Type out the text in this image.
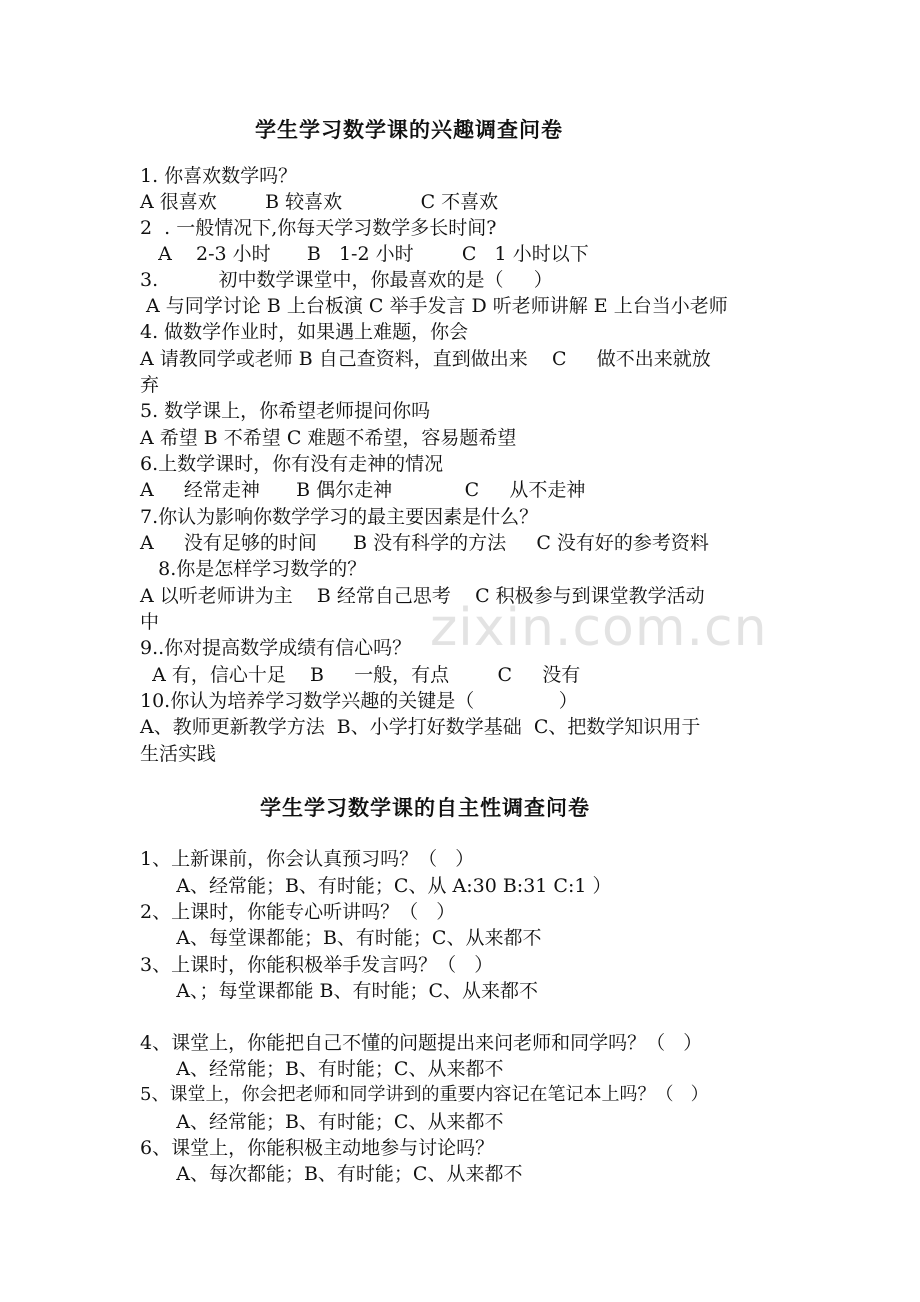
学生学习数学课的兴趣调查问卷
1. 你喜欢数学吗？
A 很喜欢        B 较喜欢             C 不喜欢
2  . 一般情况下,你每天学习数学多长时间?
A    2-3 小时      B   1-2 小时        C   1 小时以下
3.          初中数学课堂中，你最喜欢的是（     ）
A 与同学讨论 B 上台板演 C 举手发言 D 听老师讲解 E 上台当小老师
4. 做数学作业时，如果遇上难题，你会
A 请教同学或老师 B 自己查资料，直到做出来    C     做不出来就放
弃
5. 数学课上，你希望老师提问你吗
A 希望 B 不希望 C 难题不希望，容易题希望
6.上数学课时，你有没有走神的情况
A     经常走神      B 偶尔走神            C     从不走神
7.你认为影响你数学学习的最主要因素是什么？
A     没有足够的时间      B 没有科学的方法     C 没有好的参考资料
8.你是怎样学习数学的？
A 以听老师讲为主    B 经常自己思考    C 积极参与到课堂教学活动
中
9..你对提高数学成绩有信心吗？
A 有，信心十足    B     一般，有点        C     没有
10.你认为培养学习数学兴趣的关键是（              ）
A、教师更新教学方法  B、小学打好数学基础  C、把数学知识用于
生活实践
学生学习数学课的自主性调查问卷
1、上新课前，你会认真预习吗？（   ）
A、经常能；B、有时能；C、从 A:30 B:31 C:1 ）
2、上课时，你能专心听讲吗？（   ）
A、每堂课都能；B、有时能；C、从来都不
3、上课时，你能积极举手发言吗？（   ）
A、；每堂课都能 B、有时能；C、从来都不
4、课堂上，你能把自己不懂的问题提出来问老师和同学吗？（   ）
A、经常能；B、有时能；C、从来都不
5、课堂上，你会把老师和同学讲到的重要内容记在笔记本上吗？（   ）
A、经常能；B、有时能；C、从来都不
6、课堂上，你能积极主动地参与讨论吗？
A、每次都能；B、有时能；C、从来都不
zixin.com.cn
